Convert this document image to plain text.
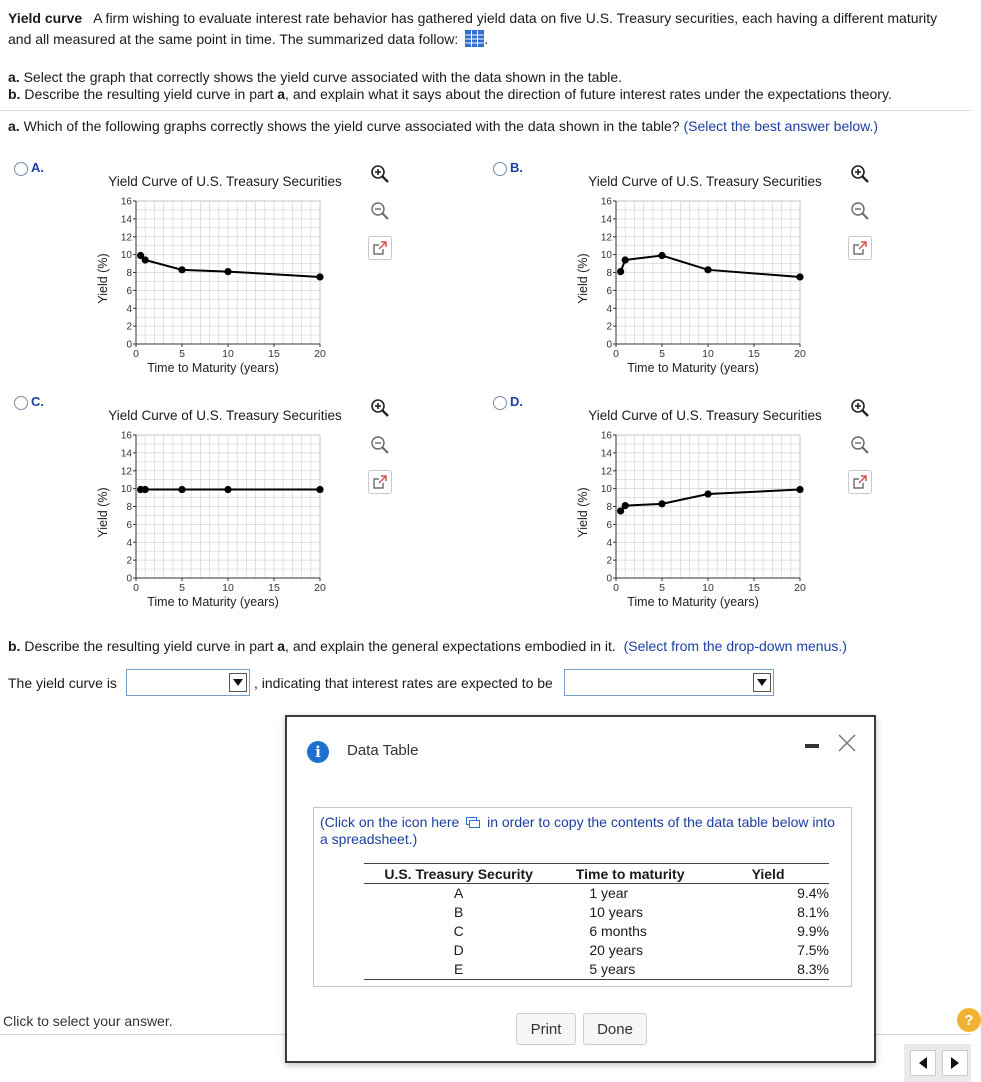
Yield curve A firm wishing to evaluate interest rate behavior has gathered yield data on five U.S. Treasury securities, each having a different maturity and all measured at the same point in time. The summarized data follow: .
a. Select the graph that correctly shows the yield curve associated with the data shown in the table.
b. Describe the resulting yield curve in part a, and explain what it says about the direction of future interest rates under the expectations theory.
a. Which of the following graphs correctly shows the yield curve associated with the data shown in the table? (Select the best answer below.)
A.
Yield Curve of U.S. Treasury Securities
0
2
4
6
8
10
12
14
16
0	5	10	15	20
Time to Maturity (years)
Yield (%)
B.
Yield Curve of U.S. Treasury Securities
0
2
4
6
8
10
12
14
16
0	5	10	15	20
Time to Maturity (years)
Yield (%)
C.
Yield Curve of U.S. Treasury Securities
0
2
4
6
8
10
12
14
16
0	5	10	15	20
Time to Maturity (years)
Yield (%)
D.
Yield Curve of U.S. Treasury Securities
0
2
4
6
8
10
12
14
16
0	5	10	15	20
Time to Maturity (years)
Yield (%)
b. Describe the resulting yield curve in part a, and explain the general expectations embodied in it. (Select from the drop-down menus.)
The yield curve is	, indicating that interest rates are expected to be
Click to select your answer.	?
i	Data Table
(Click on the icon here in order to copy the contents of the data table below into a spreadsheet.)
U.S. Treasury Security	Time to maturity	Yield
A	1 year	9.4%
B	10 years	8.1%
C	6 months	9.9%
D	20 years	7.5%
E	5 years	8.3%
Print	Done
